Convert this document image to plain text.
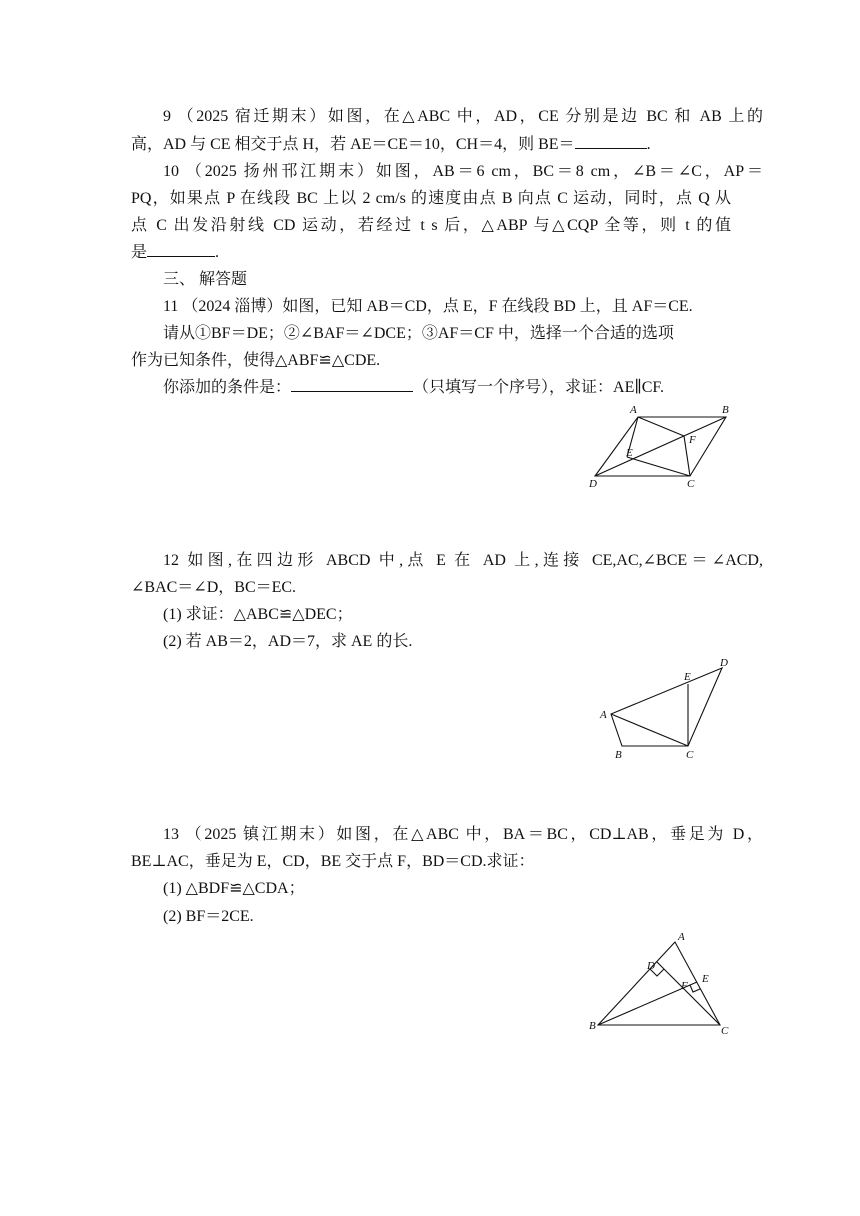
9 （2025 宿迁期末）如图，在△ABC 中，AD，CE 分别是边 BC 和 AB 上的
高，AD 与 CE 相交于点 H，若 AE＝CE＝10，CH＝4，则 BE＝	.
10 （2025 扬州邗江期末）如图，AB＝6 cm，BC＝8 cm，∠B＝∠C，AP＝
PQ，如果点 P 在线段 BC 上以 2 cm/s 的速度由点 B 向点 C 运动，同时，点 Q 从
点 C 出发沿射线 CD 运动，若经过 t s 后，△ABP 与△CQP 全等，则 t 的值
是	.
三、 解答题
11 （2024 淄博）如图，已知 AB＝CD，点 E，F 在线段 BD 上，且 AF＝CE.
请从①BF＝DE；②∠BAF＝∠DCE；③AF＝CF 中，选择一个合适的选项
作为已知条件，使得△ABF≌△CDE.
你添加的条件是：	（只填写一个序号），求证：AE∥CF.
A	B
F
E
D	C
12 如图,在四边形 ABCD 中,点 E 在 AD 上,连接 CE,AC,∠BCE＝∠ACD,
∠BAC＝∠D，BC＝EC.
(1) 求证：△ABC≌△DEC；
(2) 若 AB＝2，AD＝7，求 AE 的长.
D
E
A
B	C
13 （2025 镇江期末）如图，在△ABC 中，BA＝BC，CD⊥AB，垂足为 D，
BE⊥AC，垂足为 E，CD，BE 交于点 F，BD＝CD.求证：
(1) △BDF≌△CDA；
(2) BF＝2CE.
A
D
F
E
B	C
